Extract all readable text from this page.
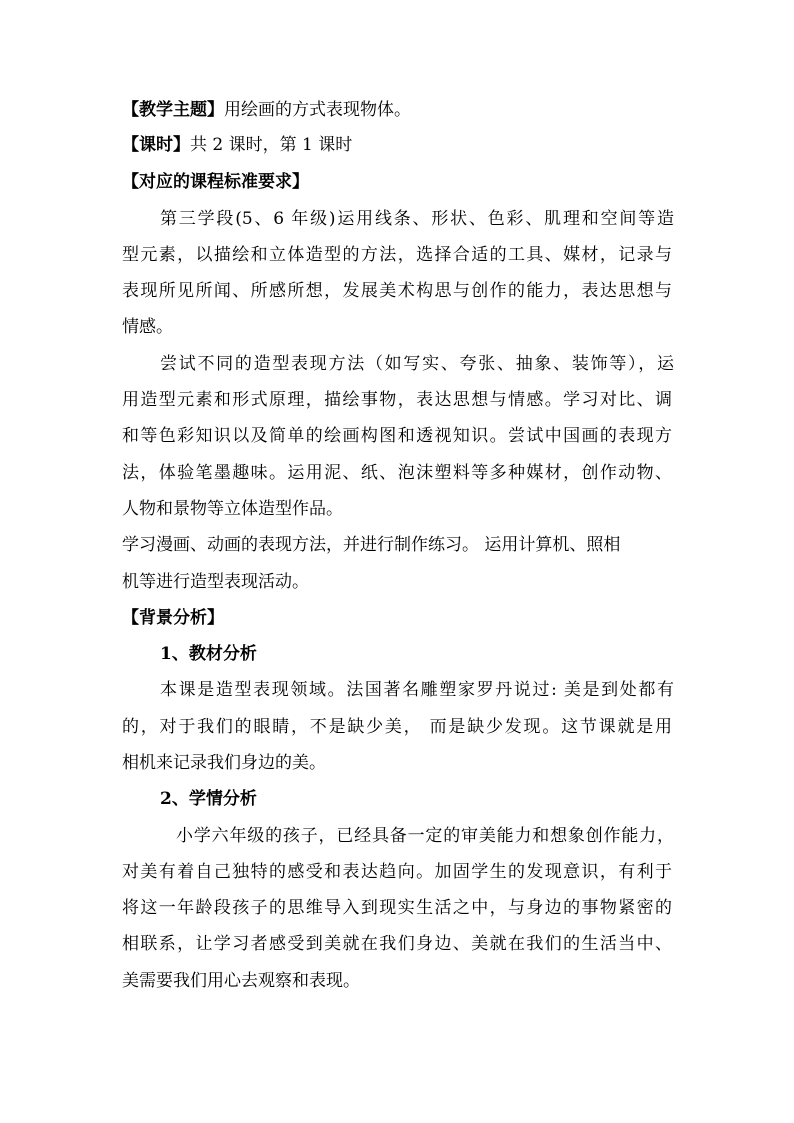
【教学主题】用绘画的方式表现物体。
【课时】共 2 课时，第 1 课时
【对应的课程标准要求】
第三学段(5、6 年级)运用线条、形状、色彩、肌理和空间等造
型元素，以描绘和立体造型的方法，选择合适的工具、媒材，记录与
表现所见所闻、所感所想，发展美术构思与创作的能力，表达思想与
情感。
尝试不同的造型表现方法（如写实、夸张、抽象、装饰等），运
用造型元素和形式原理，描绘事物，表达思想与情感。学习对比、调
和等色彩知识以及简单的绘画构图和透视知识。尝试中国画的表现方
法，体验笔墨趣味。运用泥、纸、泡沫塑料等多种媒材，创作动物、
人物和景物等立体造型作品。
学习漫画、动画的表现方法，并进行制作练习。 运用计算机、照相
机等进行造型表现活动。
【背景分析】
1、教材分析
本课是造型表现领域。法国著名雕塑家罗丹说过: 美是到处都有
的，对于我们的眼睛，不是缺少美， 而是缺少发现。这节课就是用
相机来记录我们身边的美。
2、学情分析
小学六年级的孩子，已经具备一定的审美能力和想象创作能力，
对美有着自己独特的感受和表达趋向。加固学生的发现意识，有利于
将这一年龄段孩子的思维导入到现实生活之中，与身边的事物紧密的
相联系，让学习者感受到美就在我们身边、美就在我们的生活当中、
美需要我们用心去观察和表现。
